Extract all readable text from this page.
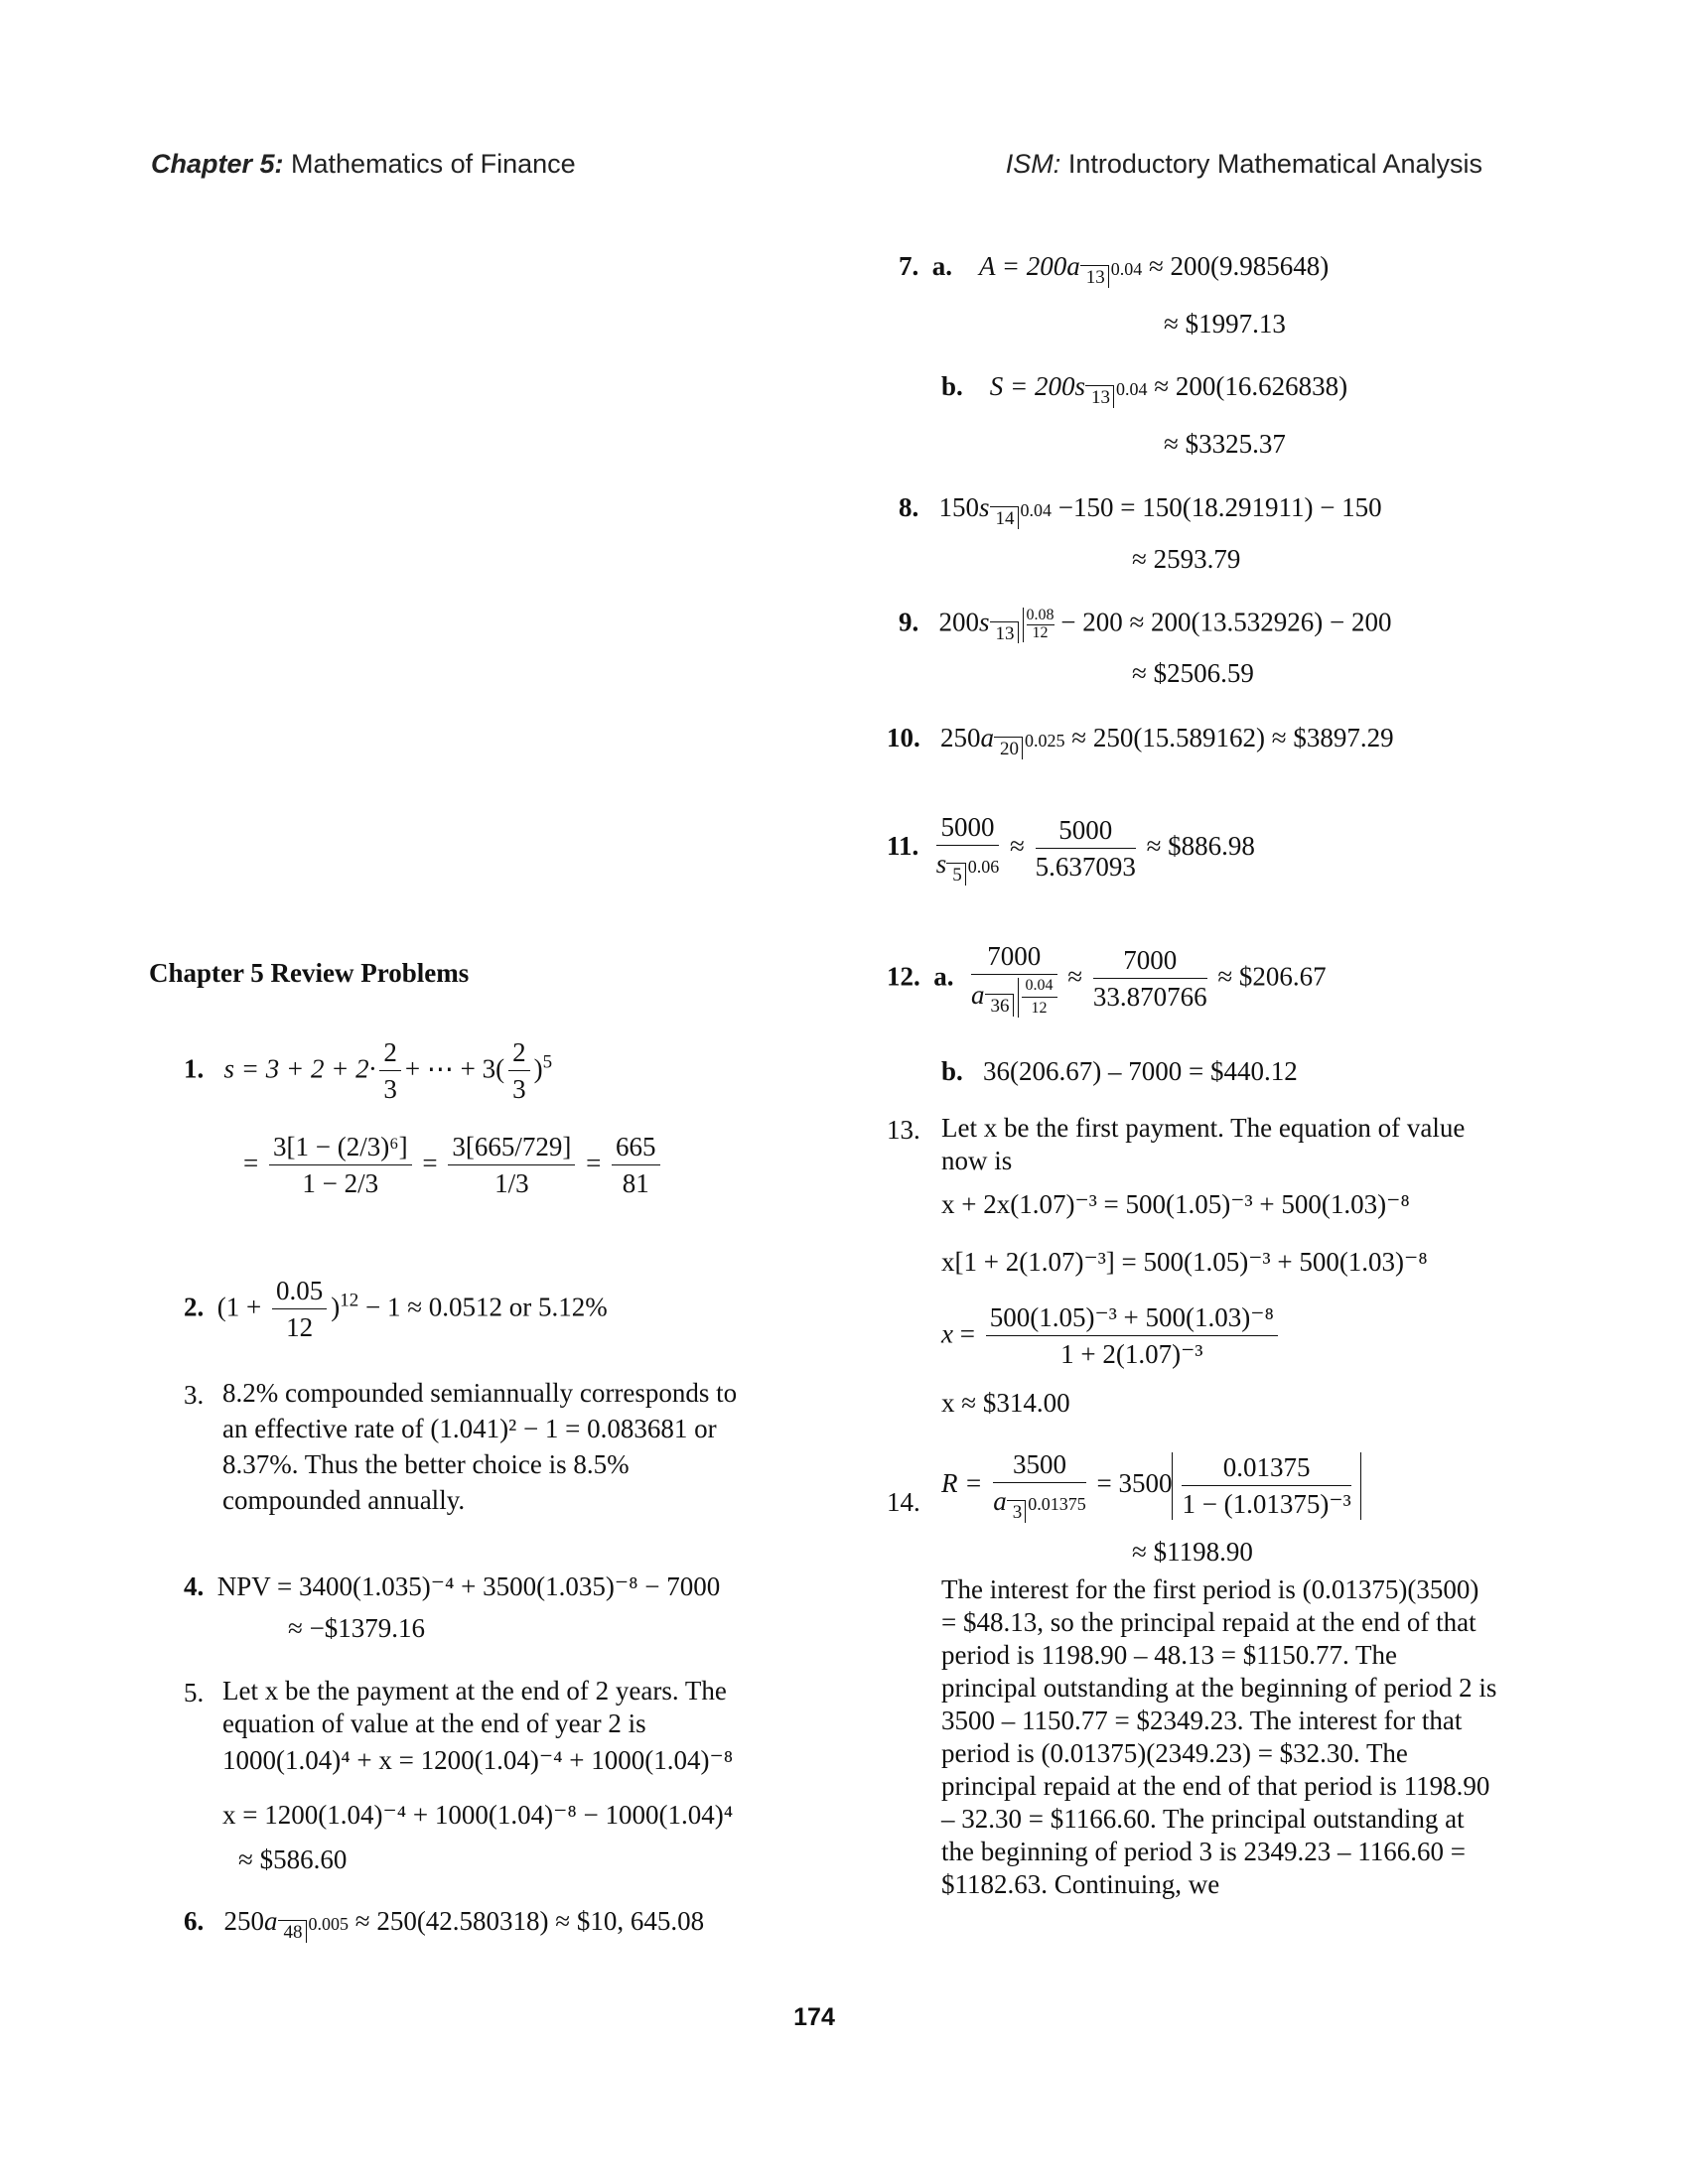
Chapter 5: Mathematics of Finance	ISM: Introductory Mathematical Analysis
7. a. A = 200a 13 0.04 ≈ 200(9.985648)
≈ $1997.13
b. S = 200s 13 0.04 ≈ 200(16.626838)
≈ $3325.37
8. 150s 14 0.04 −150 = 150(18.291911) − 150
≈ 2593.79
9. 200s $13 \frac{0.08}{12} - 200 \approx 200(13.532926) - 200$
≈ $2506.59
10. 250a 20 0.025 ≈ 250(15.589162) ≈ $3897.29
11. $\frac{5000}{s 5 0.06} \approx \frac{5000}{5.637093}$ ≈ $886.98
12. a. $\frac{7000}{a 36 \frac{0.04}{12}} \approx \frac{7000}{33.870766}$ ≈ $206.67
b. 36(206.67) – 7000 = $440.12
13. Let x be the first payment. The equation of value now is
x + 2x(1.07)⁻³ = 500(1.05)⁻³ + 500(1.03)⁻⁸
x[1 + 2(1.07)⁻³] = 500(1.05)⁻³ + 500(1.03)⁻⁸
$x = \frac{\text{500(1.05)⁻³ + 500(1.03)⁻⁸}}{\text{1 + 2(1.07)⁻³}}$
x ≈ $314.00
14.
$R = \frac{3500}{a 3 0.01375} = 3500 \frac{0.01375}{\text{1 − (1.01375)⁻³}}$
≈ $1198.90
The interest for the first period is (0.01375)(3500) = $48.13, so the principal repaid at the end of that period is 1198.90 – 48.13 = $1150.77. The principal outstanding at the beginning of period 2 is 3500 – 1150.77 = $2349.23. The interest for that period is (0.01375)(2349.23) = $32.30. The principal repaid at the end of that period is 1198.90 – 32.30 = $1166.60. The principal outstanding at the beginning of period 3 is 2349.23 – 1166.60 = $1182.63. Continuing, we
Chapter 5 Review Problems
1. $s = 3 + 2 + 2\cdot \frac{2}{3}$ + ⋯ + $3( \frac{2}{3} )^5$
= $\frac{\text{3[1 − (2/3)⁶]}}{1 - 2/3} = \frac{3[665/729]}{1/3} = \frac{665}{81}$
2.  $(1 + \frac{0.05}{12} )^{12} - 1 \approx 0.0512$ or 5.12%
3. 8.2% compounded semiannually corresponds to an effective rate of (1.041)² − 1 = 0.083681 or 8.37%. Thus the better choice is 8.5% compounded annually.
4. NPV = 3400(1.035)⁻⁴ + 3500(1.035)⁻⁸ − 7000
≈ −$1379.16
5. Let x be the payment at the end of 2 years. The equation of value at the end of year 2 is
1000(1.04)⁴ + x = 1200(1.04)⁻⁴ + 1000(1.04)⁻⁸
x = 1200(1.04)⁻⁴ + 1000(1.04)⁻⁸ − 1000(1.04)⁴
≈ $586.60
6. 250a 48 0.005 ≈ 250(42.580318) ≈ $10, 645.08
174
